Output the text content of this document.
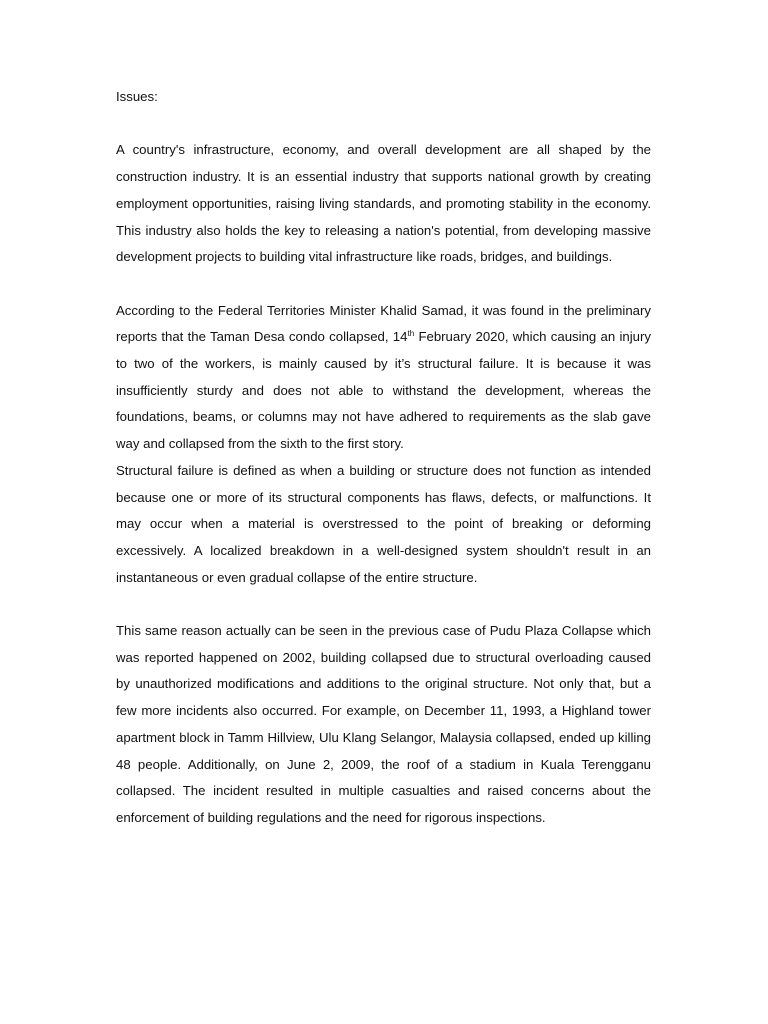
Issues:

A country's infrastructure, economy, and overall development are all shaped by the construction industry. It is an essential industry that supports national growth by creating employment opportunities, raising living standards, and promoting stability in the economy. This industry also holds the key to releasing a nation's potential, from developing massive development projects to building vital infrastructure like roads, bridges, and buildings.

According to the Federal Territories Minister Khalid Samad, it was found in the preliminary reports that the Taman Desa condo collapsed, 14th February 2020, which causing an injury to two of the workers, is mainly caused by it’s structural failure. It is because it was insufficiently sturdy and does not able to withstand the development, whereas the foundations, beams, or columns may not have adhered to requirements as the slab gave way and collapsed from the sixth to the first story.

Structural failure is defined as when a building or structure does not function as intended because one or more of its structural components has flaws, defects, or malfunctions. It may occur when a material is overstressed to the point of breaking or deforming excessively. A localized breakdown in a well-designed system shouldn't result in an instantaneous or even gradual collapse of the entire structure.

This same reason actually can be seen in the previous case of Pudu Plaza Collapse which was reported happened on 2002, building collapsed due to structural overloading caused by unauthorized modifications and additions to the original structure. Not only that, but a few more incidents also occurred. For example, on December 11, 1993, a Highland tower apartment block in Tamm Hillview, Ulu Klang Selangor, Malaysia collapsed, ended up killing 48 people. Additionally, on June 2, 2009, the roof of a stadium in Kuala Terengganu collapsed. The incident resulted in multiple casualties and raised concerns about the enforcement of building regulations and the need for rigorous inspections.
